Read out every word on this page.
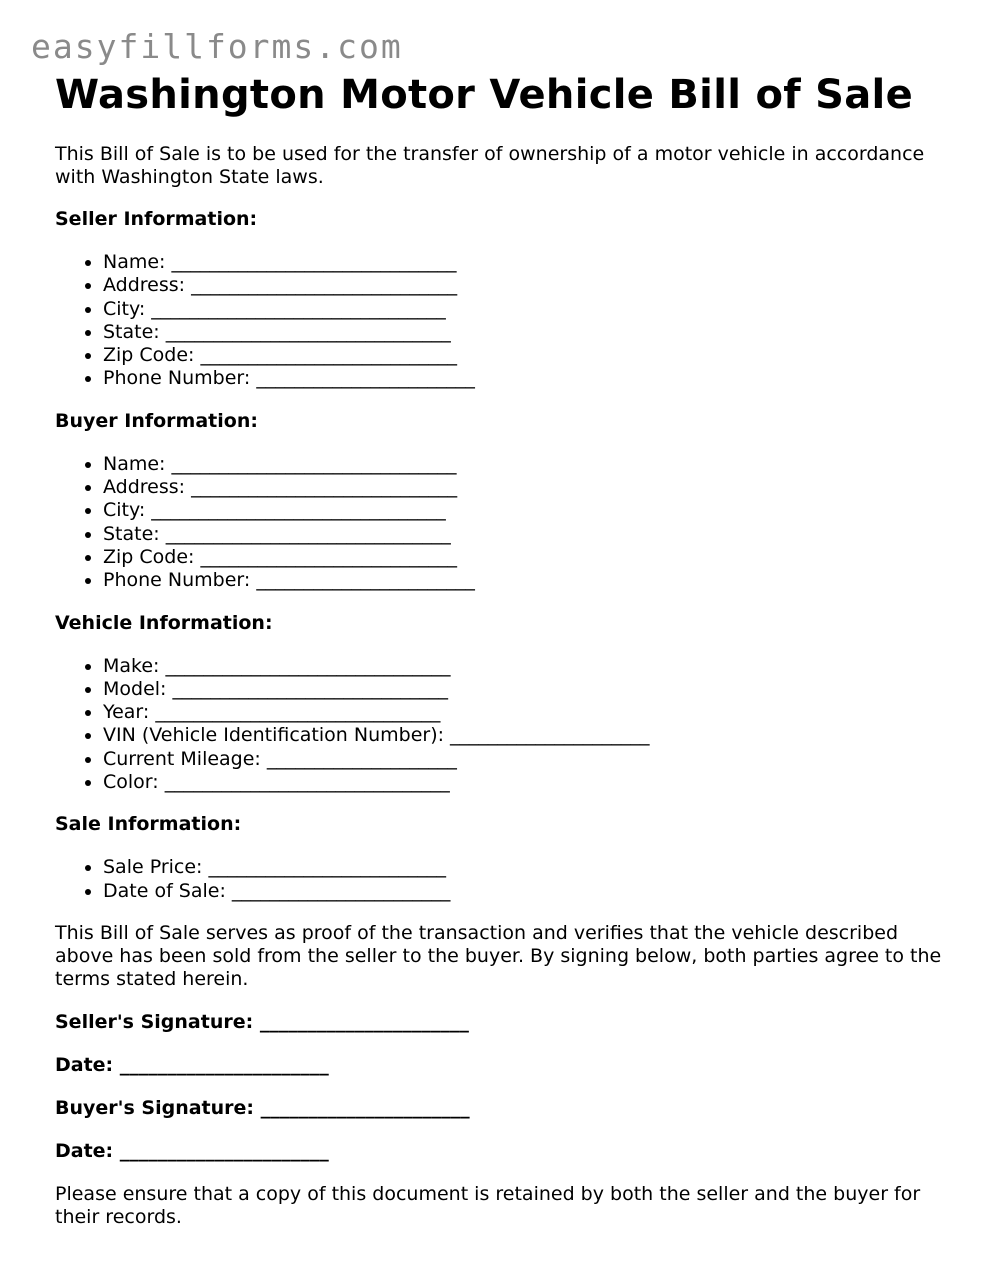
easyfillforms.com
Washington Motor Vehicle Bill of Sale

This Bill of Sale is to be used for the transfer of ownership of a motor vehicle in accordance with Washington State laws.

Seller Information:
• Name: ______________________________
• Address: ____________________________
• City: _______________________________
• State: ______________________________
• Zip Code: ___________________________
• Phone Number: _______________________
Buyer Information:
• Name: ______________________________
• Address: ____________________________
• City: _______________________________
• State: ______________________________
• Zip Code: ___________________________
• Phone Number: _______________________
Vehicle Information:
• Make: ______________________________
• Model: _____________________________
• Year: ______________________________
• VIN (Vehicle Identification Number): _____________________
• Current Mileage: ____________________
• Color: ______________________________
Sale Information:
• Sale Price: _________________________
• Date of Sale: _______________________

This Bill of Sale serves as proof of the transaction and verifies that the vehicle described above has been sold from the seller to the buyer. By signing below, both parties agree to the terms stated herein.

Seller's Signature: ______________________
Date: ______________________
Buyer's Signature: ______________________
Date: ______________________

Please ensure that a copy of this document is retained by both the seller and the buyer for their records.
